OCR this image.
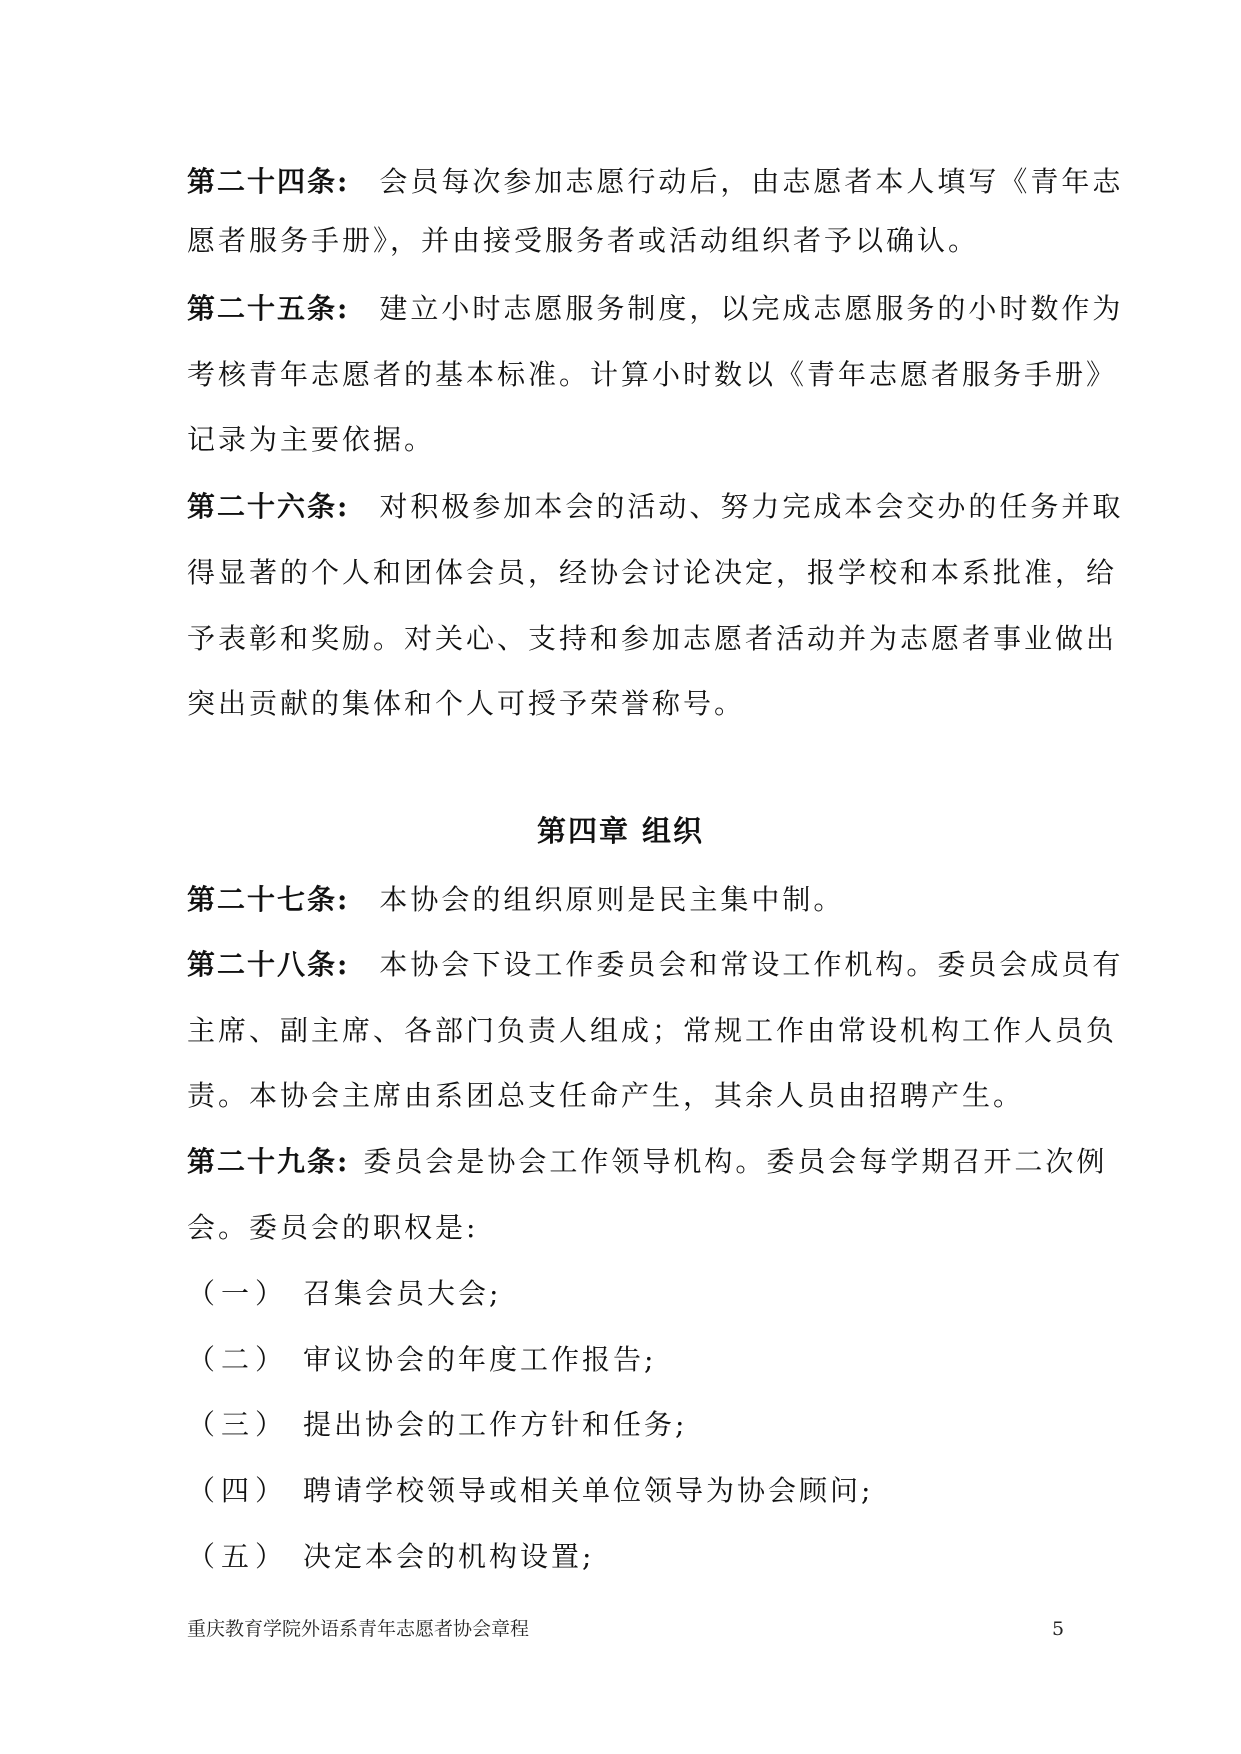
第二十四条: 会员每次参加志愿行动后，由志愿者本人填写《青年志
愿者服务手册》，并由接受服务者或活动组织者予以确认。
第二十五条: 建立小时志愿服务制度，以完成志愿服务的小时数作为
考核青年志愿者的基本标准。计算小时数以《青年志愿者服务手册》
记录为主要依据。
第二十六条: 对积极参加本会的活动、努力完成本会交办的任务并取
得显著的个人和团体会员，经协会讨论决定，报学校和本系批准，给
予表彰和奖励。对关心、支持和参加志愿者活动并为志愿者事业做出
突出贡献的集体和个人可授予荣誉称号。
第四章 组织
第二十七条: 本协会的组织原则是民主集中制。
第二十八条: 本协会下设工作委员会和常设工作机构。委员会成员有
主席、副主席、各部门负责人组成；常规工作由常设机构工作人员负
责。本协会主席由系团总支任命产生，其余人员由招聘产生。
第二十九条: 委员会是协会工作领导机构。委员会每学期召开二次例
会。委员会的职权是:
（一） 召集会员大会;
（二） 审议协会的年度工作报告;
（三） 提出协会的工作方针和任务;
（四） 聘请学校领导或相关单位领导为协会顾问;
（五） 决定本会的机构设置;
重庆教育学院外语系青年志愿者协会章程	5
